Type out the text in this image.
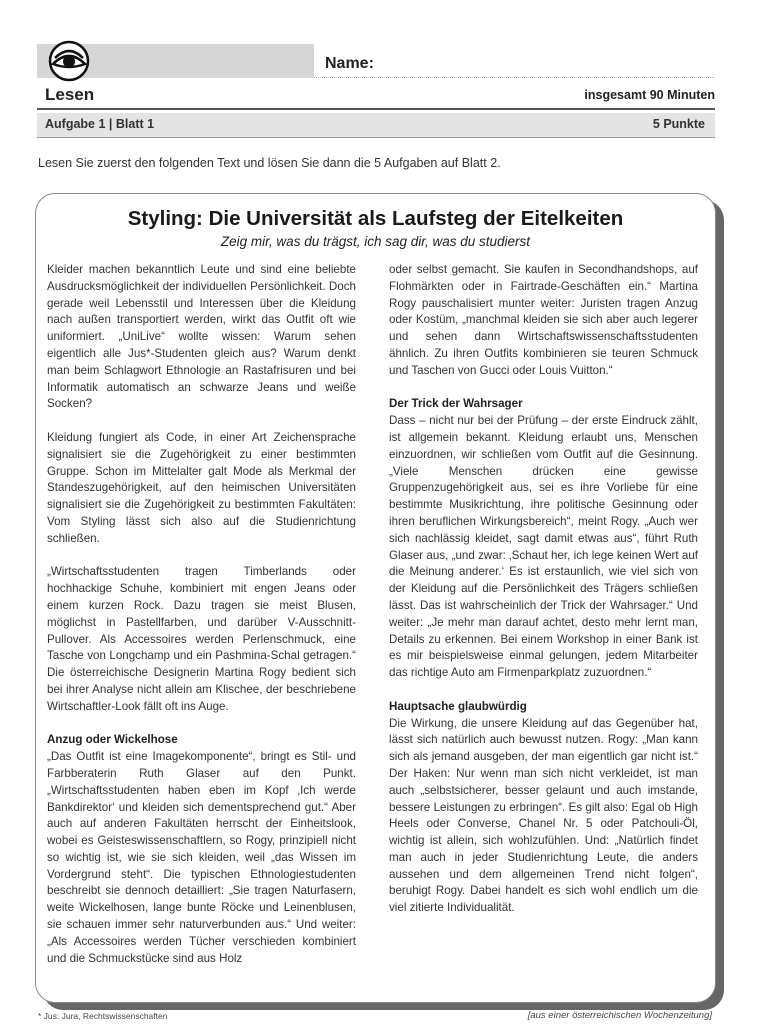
Name:
Lesen	insgesamt 90 Minuten
Aufgabe 1 | Blatt 1	5 Punkte
Lesen Sie zuerst den folgenden Text und lösen Sie dann die 5 Aufgaben auf Blatt 2.
Styling: Die Universität als Laufsteg der Eitelkeiten
Zeig mir, was du trägst, ich sag dir, was du studierst

Kleider machen bekanntlich Leute und sind eine beliebte Ausdrucksmöglichkeit der individuellen Persönlichkeit. Doch gerade weil Lebensstil und Interessen über die Kleidung nach außen transportiert werden, wirkt das Outfit oft wie uniformiert. „UniLive“ wollte wissen: Warum sehen eigentlich alle Jus*-Studenten gleich aus? Warum denkt man beim Schlagwort Ethnologie an Rastafrisuren und bei Informatik automatisch an schwarze Jeans und weiße Socken?

Kleidung fungiert als Code, in einer Art Zeichensprache signalisiert sie die Zugehörigkeit zu einer bestimmten Gruppe. Schon im Mittelalter galt Mode als Merkmal der Standeszugehörigkeit, auf den heimischen Universitäten signalisiert sie die Zugehörigkeit zu bestimmten Fakultäten: Vom Styling lässt sich also auf die Studienrichtung schließen.

„Wirtschaftsstudenten tragen Timberlands oder hochhackige Schuhe, kombiniert mit engen Jeans oder einem kurzen Rock. Dazu tragen sie meist Blusen, möglichst in Pastellfarben, und darüber V-Ausschnitt-Pullover. Als Accessoires werden Perlenschmuck, eine Tasche von Longchamp und ein Pashmina-Schal getragen.“ Die österreichische Designerin Martina Rogy bedient sich bei ihrer Analyse nicht allein am Klischee, der beschriebene Wirtschaftler-Look fällt oft ins Auge.

Anzug oder Wickelhose

„Das Outfit ist eine Imagekomponente“, bringt es Stil- und Farbberaterin Ruth Glaser auf den Punkt. „Wirtschaftsstudenten haben eben im Kopf ‚Ich werde Bankdirektor‘ und kleiden sich dementsprechend gut.“ Aber auch auf anderen Fakultäten herrscht der Einheitslook, wobei es Geisteswissenschaftlern, so Rogy, prinzipiell nicht so wichtig ist, wie sie sich kleiden, weil „das Wissen im Vordergrund steht“. Die typischen Ethnologiestudenten beschreibt sie dennoch detailliert: „Sie tragen Naturfasern, weite Wickelhosen, lange bunte Röcke und Leinenblusen, sie schauen immer sehr naturverbunden aus.“ Und weiter: „Als Accessoires werden Tücher verschieden kombiniert und die Schmuckstücke sind aus Holz

oder selbst gemacht. Sie kaufen in Secondhandshops, auf Flohmärkten oder in Fairtrade-Geschäften ein.“ Martina Rogy pauschalisiert munter weiter: Juristen tragen Anzug oder Kostüm, „manchmal kleiden sie sich aber auch legerer und sehen dann Wirtschaftswissenschaftsstudenten ähnlich. Zu ihren Outfits kombinieren sie teuren Schmuck und Taschen von Gucci oder Louis Vuitton.“

Der Trick der Wahrsager

Dass – nicht nur bei der Prüfung – der erste Eindruck zählt, ist allgemein bekannt. Kleidung erlaubt uns, Menschen einzuordnen, wir schließen vom Outfit auf die Gesinnung. „Viele Menschen drücken eine gewisse Gruppenzugehörigkeit aus, sei es ihre Vorliebe für eine bestimmte Musikrichtung, ihre politische Gesinnung oder ihren beruflichen Wirkungsbereich“, meint Rogy. „Auch wer sich nachlässig kleidet, sagt damit etwas aus“, führt Ruth Glaser aus, „und zwar: ‚Schaut her, ich lege keinen Wert auf die Meinung anderer.‘ Es ist erstaunlich, wie viel sich von der Kleidung auf die Persönlichkeit des Trägers schließen lässt. Das ist wahrscheinlich der Trick der Wahrsager.“ Und weiter: „Je mehr man darauf achtet, desto mehr lernt man, Details zu erkennen. Bei einem Workshop in einer Bank ist es mir beispielsweise einmal gelungen, jedem Mitarbeiter das richtige Auto am Firmenparkplatz zuzuordnen.“

Hauptsache glaubwürdig

Die Wirkung, die unsere Kleidung auf das Gegenüber hat, lässt sich natürlich auch bewusst nutzen. Rogy: „Man kann sich als jemand ausgeben, der man eigentlich gar nicht ist.“ Der Haken: Nur wenn man sich nicht verkleidet, ist man auch „selbstsicherer, besser gelaunt und auch imstande, bessere Leistungen zu erbringen“. Es gilt also: Egal ob High Heels oder Converse, Chanel Nr. 5 oder Patchouli-Öl, wichtig ist allein, sich wohlzufühlen. Und: „Natürlich findet man auch in jeder Studienrichtung Leute, die anders aussehen und dem allgemeinen Trend nicht folgen“, beruhigt Rogy. Dabei handelt es sich wohl endlich um die viel zitierte Individualität.

* Jus: Jura, Rechtswissenschaften	[aus einer österreichischen Wochenzeitung]
